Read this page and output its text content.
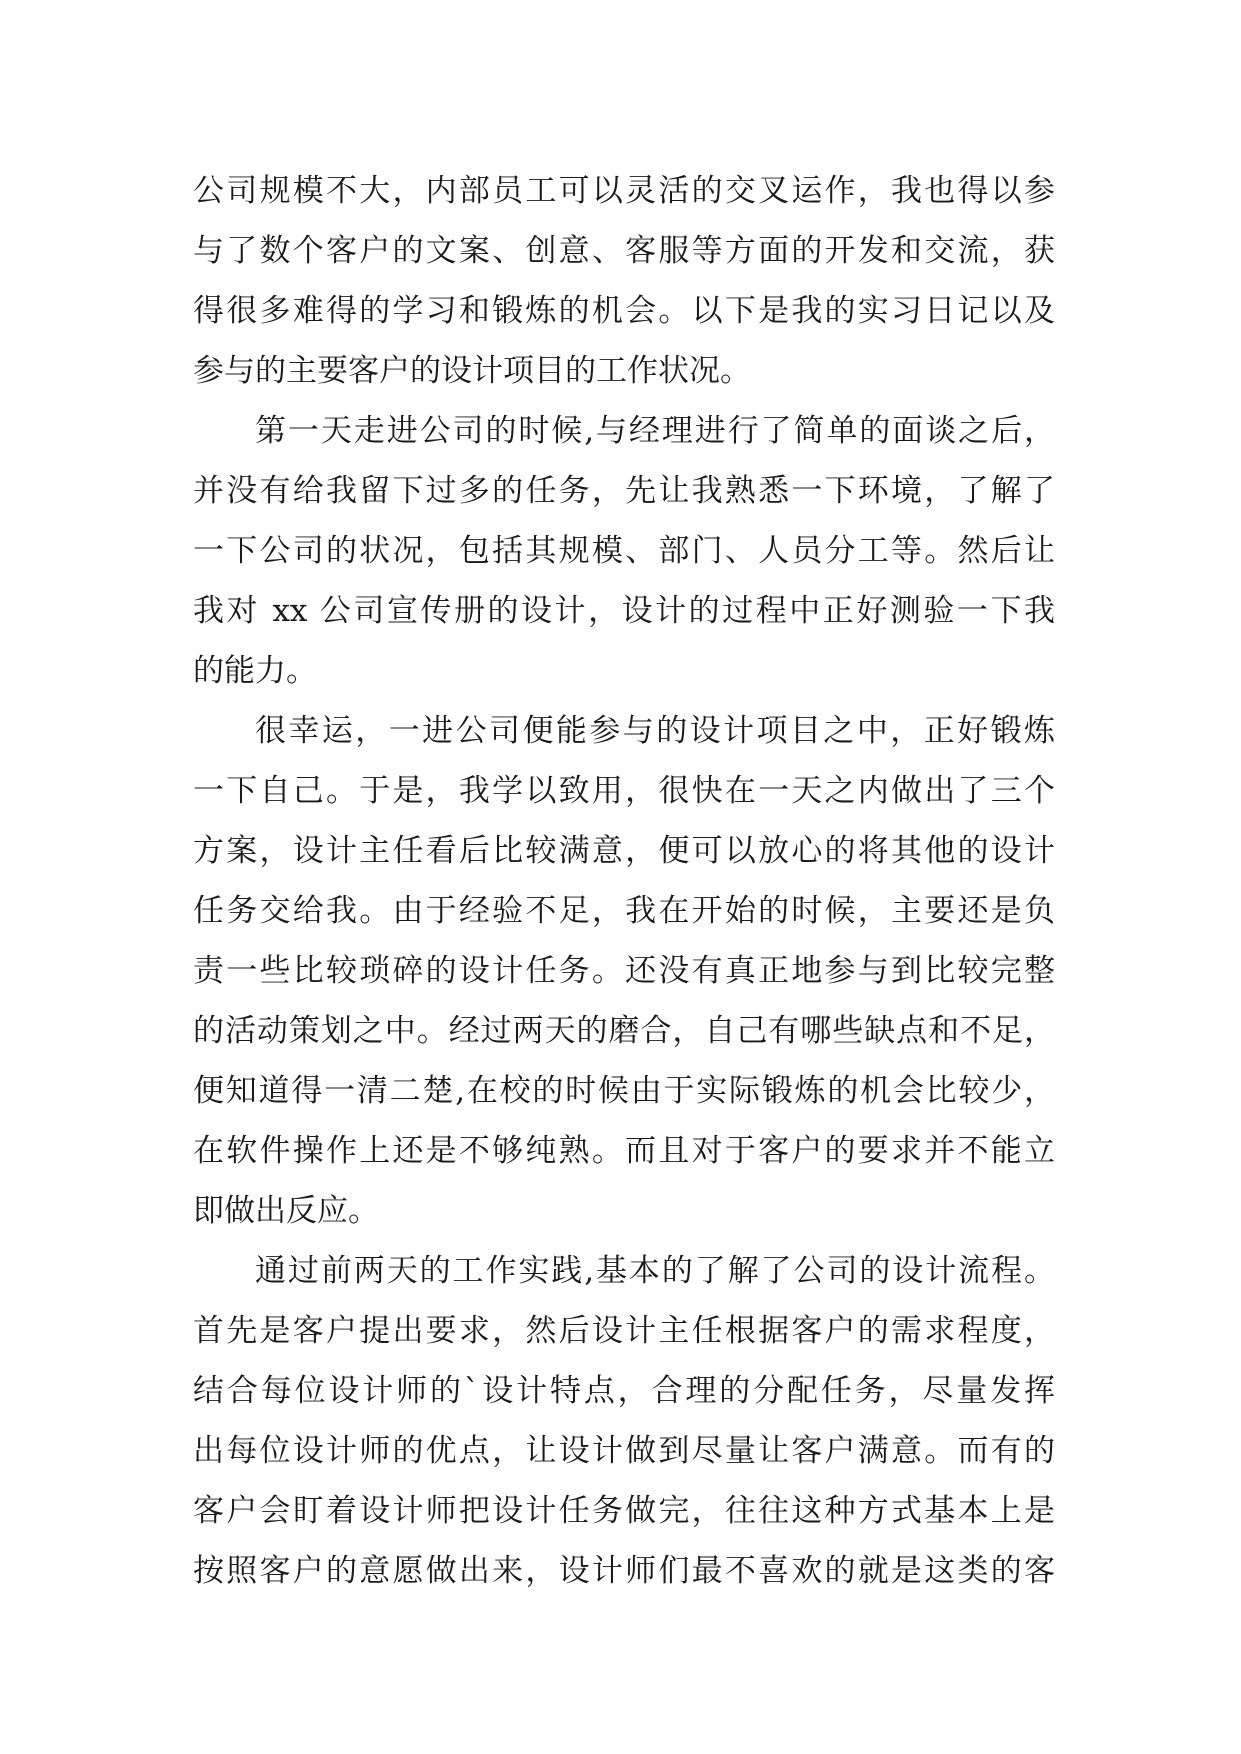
公司规模不大，内部员工可以灵活的交叉运作，我也得以参
与了数个客户的文案、创意、客服等方面的开发和交流，获
得很多难得的学习和锻炼的机会。以下是我的实习日记以及
参与的主要客户的设计项目的工作状况。
第一天走进公司的时候,与经理进行了简单的面谈之后，
并没有给我留下过多的任务，先让我熟悉一下环境，了解了
一下公司的状况，包括其规模、部门、人员分工等。然后让
我对 xx 公司宣传册的设计，设计的过程中正好测验一下我
的能力。
很幸运，一进公司便能参与的设计项目之中，正好锻炼
一下自己。于是，我学以致用，很快在一天之内做出了三个
方案，设计主任看后比较满意，便可以放心的将其他的设计
任务交给我。由于经验不足，我在开始的时候，主要还是负
责一些比较琐碎的设计任务。还没有真正地参与到比较完整
的活动策划之中。经过两天的磨合，自己有哪些缺点和不足，
便知道得一清二楚,在校的时候由于实际锻炼的机会比较少，
在软件操作上还是不够纯熟。而且对于客户的要求并不能立
即做出反应。
通过前两天的工作实践,基本的了解了公司的设计流程。
首先是客户提出要求，然后设计主任根据客户的需求程度，
结合每位设计师的`设计特点，合理的分配任务，尽量发挥
出每位设计师的优点，让设计做到尽量让客户满意。而有的
客户会盯着设计师把设计任务做完，往往这种方式基本上是
按照客户的意愿做出来，设计师们最不喜欢的就是这类的客
